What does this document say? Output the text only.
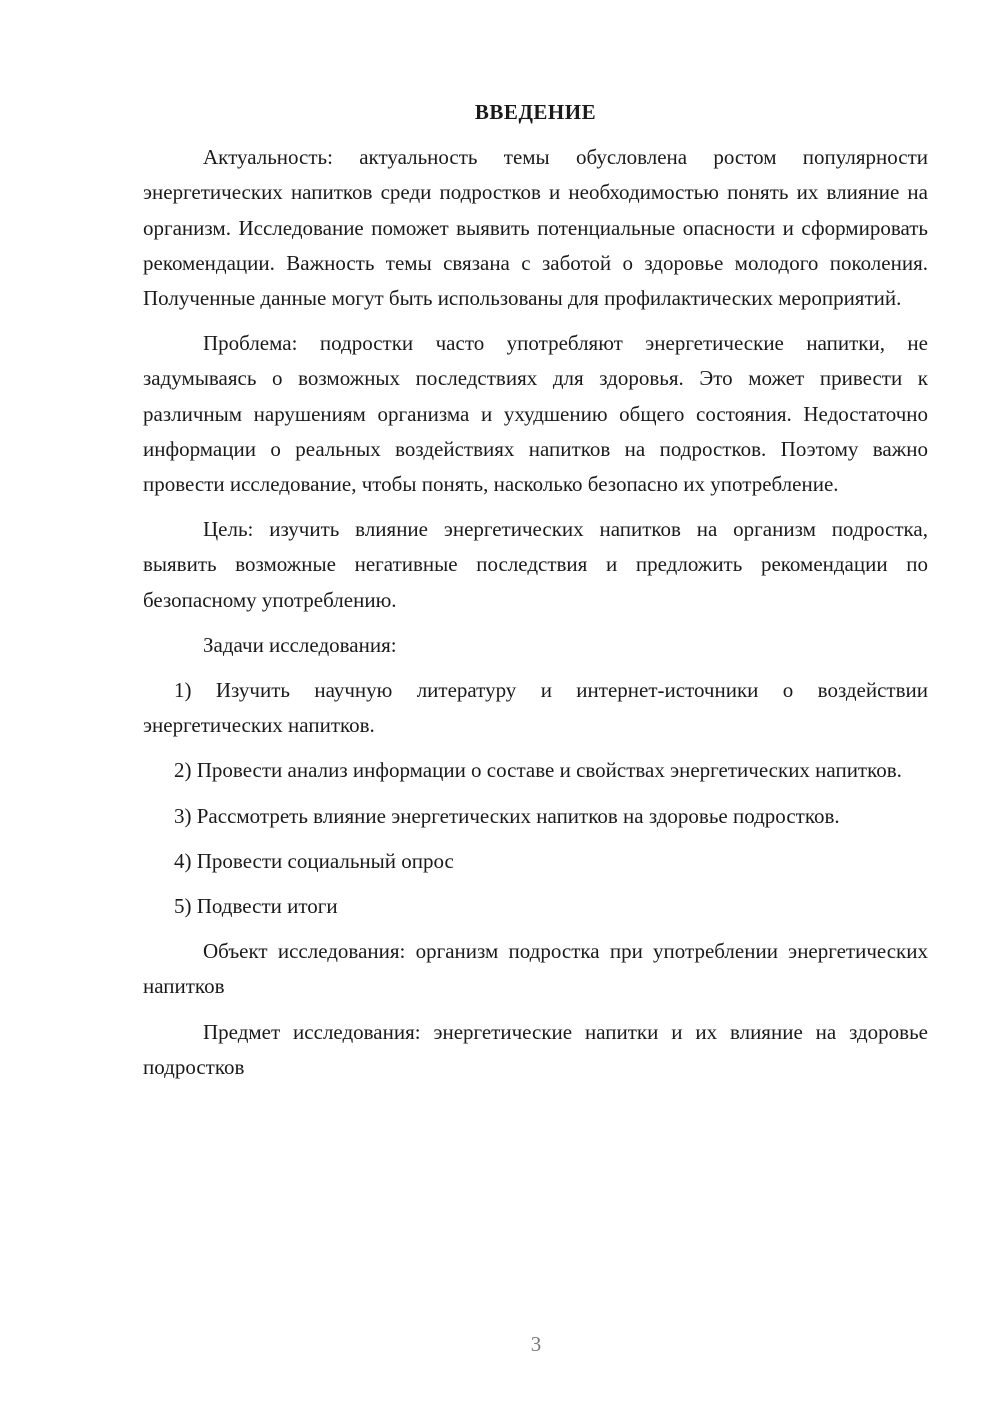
ВВЕДЕНИЕ
Актуальность: актуальность темы обусловлена ростом популярности энергетических напитков среди подростков и необходимостью понять их влияние на организм. Исследование поможет выявить потенциальные опасности и сформировать рекомендации. Важность темы связана с заботой о здоровье молодого поколения. Полученные данные могут быть использованы для профилактических мероприятий.
Проблема: подростки часто употребляют энергетические напитки, не задумываясь о возможных последствиях для здоровья. Это может привести к различным нарушениям организма и ухудшению общего состояния. Недостаточно информации о реальных воздействиях напитков на подростков. Поэтому важно провести исследование, чтобы понять, насколько безопасно их употребление.
Цель: изучить влияние энергетических напитков на организм подростка, выявить возможные негативные последствия и предложить рекомендации по безопасному употреблению.
Задачи исследования:
1) Изучить научную литературу и интернет-источники о воздействии энергетических напитков.
2) Провести анализ информации о составе и свойствах энергетических напитков.
3) Рассмотреть влияние энергетических напитков на здоровье подростков.
4) Провести социальный опрос
5) Подвести итоги
Объект исследования: организм подростка при употреблении энергетических напитков
Предмет исследования: энергетические напитки и их влияние на здоровье подростков
3
